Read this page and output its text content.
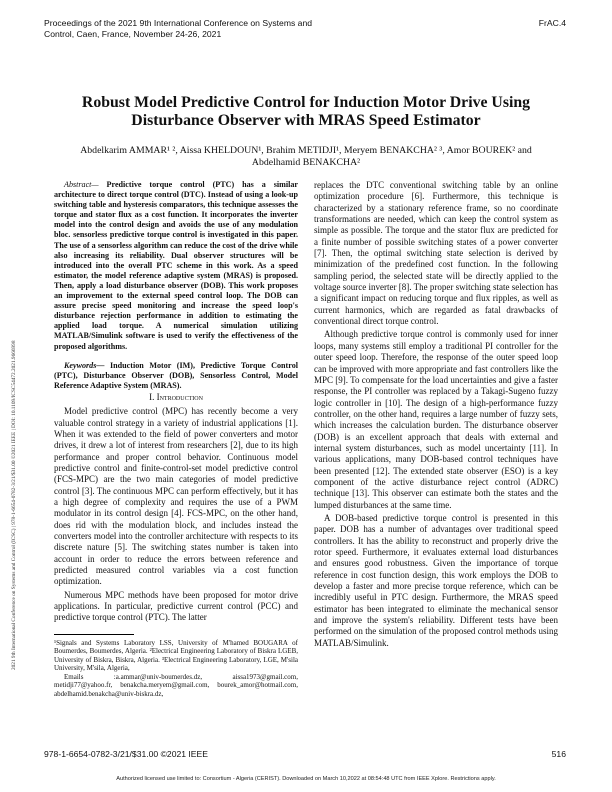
Proceedings of the 2021 9th International Conference on Systems and Control, Caen, France, November 24-26, 2021
FrAC.4
2021 9th International Conference on Systems and Control (ICSC) | 978-1-6654-0782-3/21/$31.00 ©2021 IEEE | DOI: 10.1109/ICSC54472.2021.9666998
Robust Model Predictive Control for Induction Motor Drive Using Disturbance Observer with MRAS Speed Estimator
Abdelkarim AMMAR¹ ², Aissa KHELDOUN¹, Brahim METIDJI¹, Meryem BENAKCHA² ³, Amor BOUREK² and Abdelhamid BENAKCHA²

Abstract— Predictive torque control (PTC) has a similar architecture to direct torque control (DTC). Instead of using a look-up switching table and hysteresis comparators, this technique assesses the torque and stator flux as a cost function. It incorporates the inverter model into the control design and avoids the use of any modulation bloc. sensorless predictive torque control is investigated in this paper. The use of a sensorless algorithm can reduce the cost of the drive while also increasing its reliability. Dual observer structures will be introduced into the overall PTC scheme in this work. As a speed estimator, the model reference adaptive system (MRAS) is proposed. Then, apply a load disturbance observer (DOB). This work proposes an improvement to the external speed control loop. The DOB can assure precise speed monitoring and increase the speed loop's disturbance rejection performance in addition to estimating the applied load torque. A numerical simulation utilizing MATLAB/Simulink software is used to verify the effectiveness of the proposed algorithms.

Keywords— Induction Motor (IM), Predictive Torque Control (PTC), Disturbance Observer (DOB), Sensorless Control, Model Reference Adaptive System (MRAS).

I. Introduction

Model predictive control (MPC) has recently become a very valuable control strategy in a variety of industrial applications [1]. When it was extended to the field of power converters and motor drives, it drew a lot of interest from researchers [2], due to its high performance and proper control behavior. Continuous model predictive control and finite-control-set model predictive control (FCS-MPC) are the two main categories of model predictive control [3]. The continuous MPC can perform effectively, but it has a high degree of complexity and requires the use of a PWM modulator in its control design [4]. FCS-MPC, on the other hand, does rid with the modulation block, and includes instead the converters model into the controller architecture with respects to its discrete nature [5]. The switching states number is taken into account in order to reduce the errors between reference and predicted measured control variables via a cost function optimization.

Numerous MPC methods have been proposed for motor drive applications. In particular, predictive current control (PCC) and predictive torque control (PTC). The latter

¹Signals and Systems Laboratory LSS, University of M'hamed BOUGARA of Boumerdes, Boumerdes, Algeria. ²Electrical Engineering Laboratory of Biskra LGEB, University of Biskra, Biskra, Algeria. ³Electrical Engineering Laboratory, LGE, M'sila University, M'sila, Algeria,

Emails :a.ammar@univ-boumerdes.dz, aissa1973@gmail.com, metidji77@yahoo.fr, benakcha.meryem@gmail.com, bourek_amor@hotmail.com, abdelhamid.benakcha@univ-biskra.dz,

replaces the DTC conventional switching table by an online optimization procedure [6]. Furthermore, this technique is characterized by a stationary reference frame, so no coordinate transformations are needed, which can keep the control system as simple as possible. The torque and the stator flux are predicted for a finite number of possible switching states of a power converter [7]. Then, the optimal switching state selection is derived by minimization of the predefined cost function. In the following sampling period, the selected state will be directly applied to the voltage source inverter [8]. The proper switching state selection has a significant impact on reducing torque and flux ripples, as well as current harmonics, which are regarded as fatal drawbacks of conventional direct torque control.

Although predictive torque control is commonly used for inner loops, many systems still employ a traditional PI controller for the outer speed loop. Therefore, the response of the outer speed loop can be improved with more appropriate and fast controllers like the MPC [9]. To compensate for the load uncertainties and give a faster response, the PI controller was replaced by a Takagi-Sugeno fuzzy logic controller in [10]. The design of a high-performance fuzzy controller, on the other hand, requires a large number of fuzzy sets, which increases the calculation burden. The disturbance observer (DOB) is an excellent approach that deals with external and internal system disturbances, such as model uncertainty [11]. In various applications, many DOB-based control techniques have been presented [12]. The extended state observer (ESO) is a key component of the active disturbance reject control (ADRC) technique [13]. This observer can estimate both the states and the lumped disturbances at the same time.

A DOB-based predictive torque control is presented in this paper. DOB has a number of advantages over traditional speed controllers. It has the ability to reconstruct and properly drive the rotor speed. Furthermore, it evaluates external load disturbances and ensures good robustness. Given the importance of torque reference in cost function design, this work employs the DOB to develop a faster and more precise torque reference, which can be incredibly useful in PTC design. Furthermore, the MRAS speed estimator has been integrated to eliminate the mechanical sensor and improve the system's reliability. Different tests have been performed on the simulation of the proposed control methods using MATLAB/Simulink.

978-1-6654-0782-3/21/$31.00 ©2021 IEEE	516
Authorized licensed use limited to: Consortium - Algeria (CERIST). Downloaded on March 10,2022 at 08:54:48 UTC from IEEE Xplore. Restrictions apply.
